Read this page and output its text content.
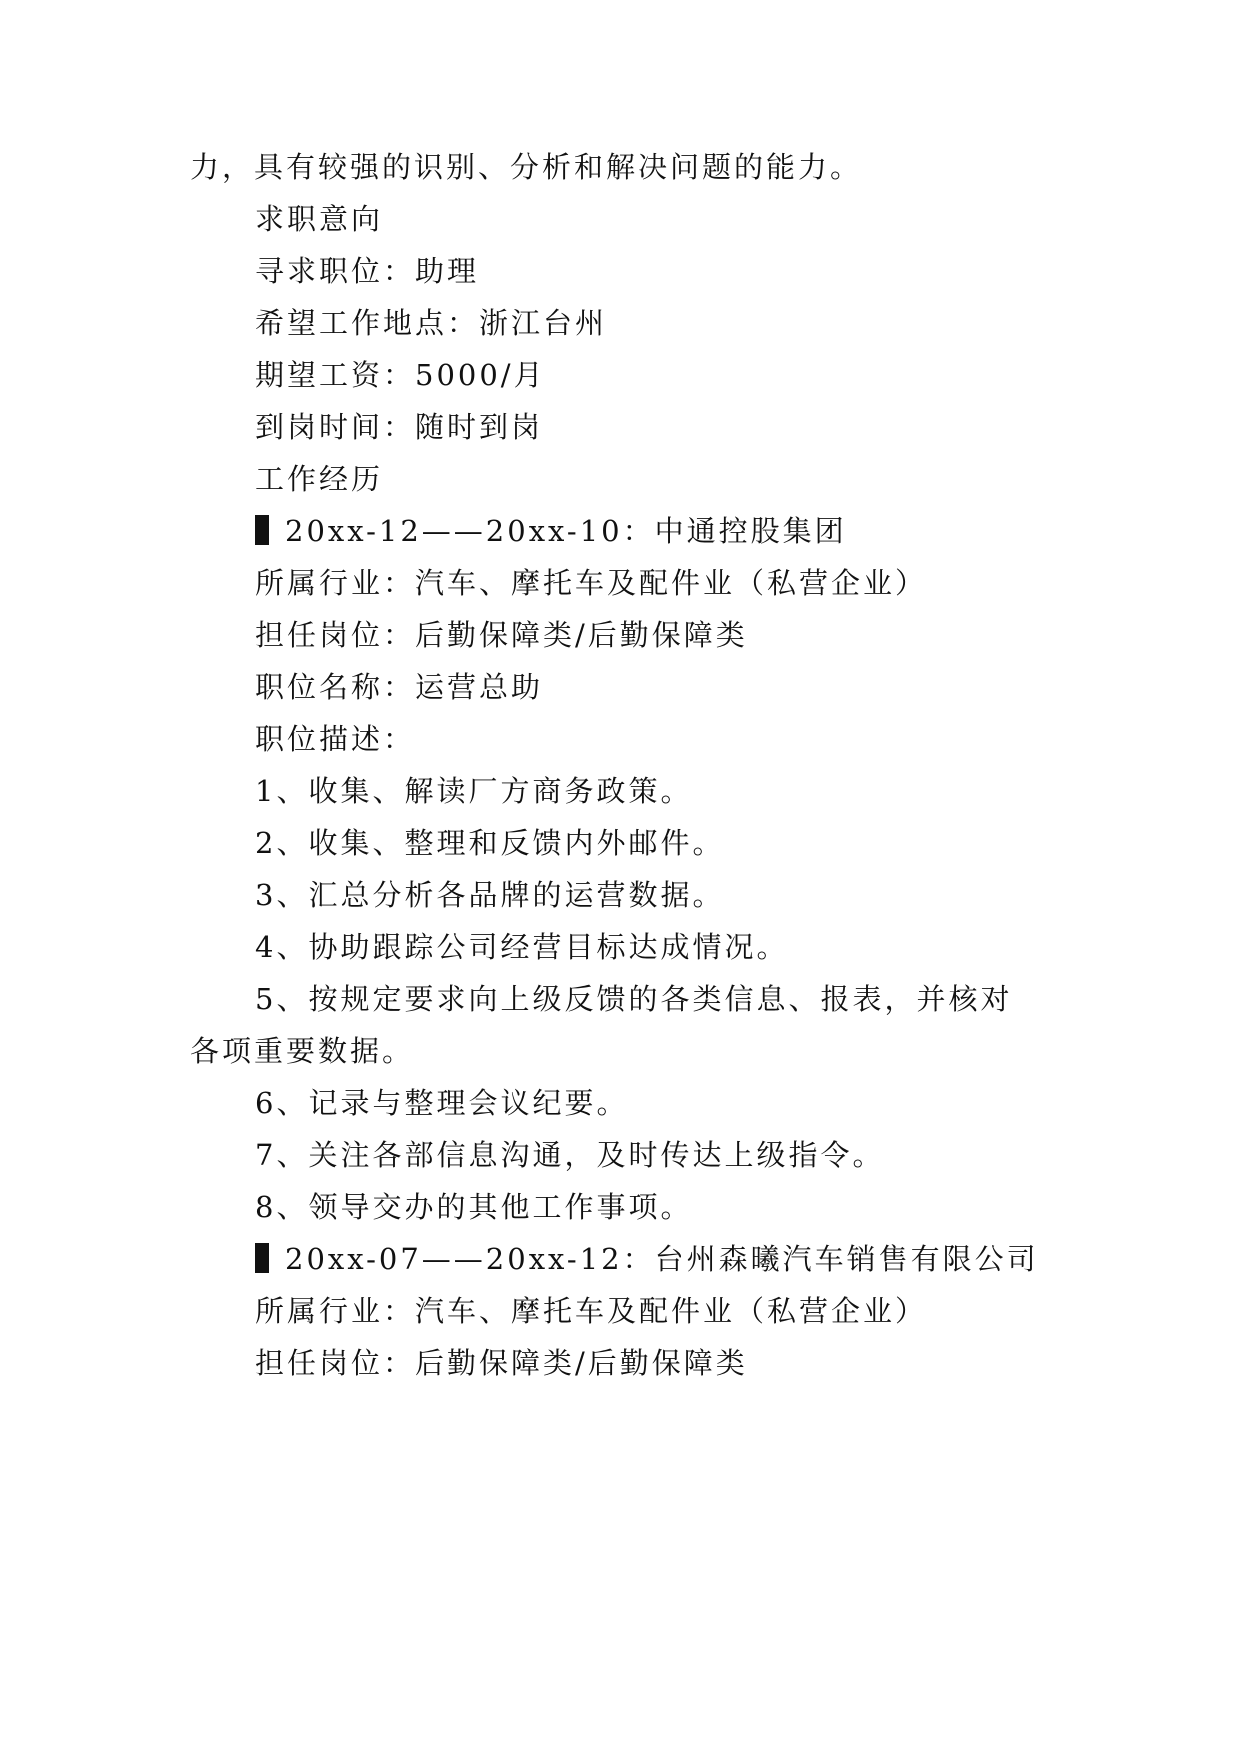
力，具有较强的识别、分析和解决问题的能力。
求职意向
寻求职位：助理
希望工作地点：浙江台州
期望工资：5000/月
到岗时间：随时到岗
工作经历
20xx-12——20xx-10：中通控股集团
所属行业：汽车、摩托车及配件业（私营企业）
担任岗位：后勤保障类/后勤保障类
职位名称：运营总助
职位描述：
1、收集、解读厂方商务政策。
2、收集、整理和反馈内外邮件。
3、汇总分析各品牌的运营数据。
4、协助跟踪公司经营目标达成情况。
5、按规定要求向上级反馈的各类信息、报表，并核对
各项重要数据。
6、记录与整理会议纪要。
7、关注各部信息沟通，及时传达上级指令。
8、领导交办的其他工作事项。
20xx-07——20xx-12：台州森曦汽车销售有限公司
所属行业：汽车、摩托车及配件业（私营企业）
担任岗位：后勤保障类/后勤保障类
